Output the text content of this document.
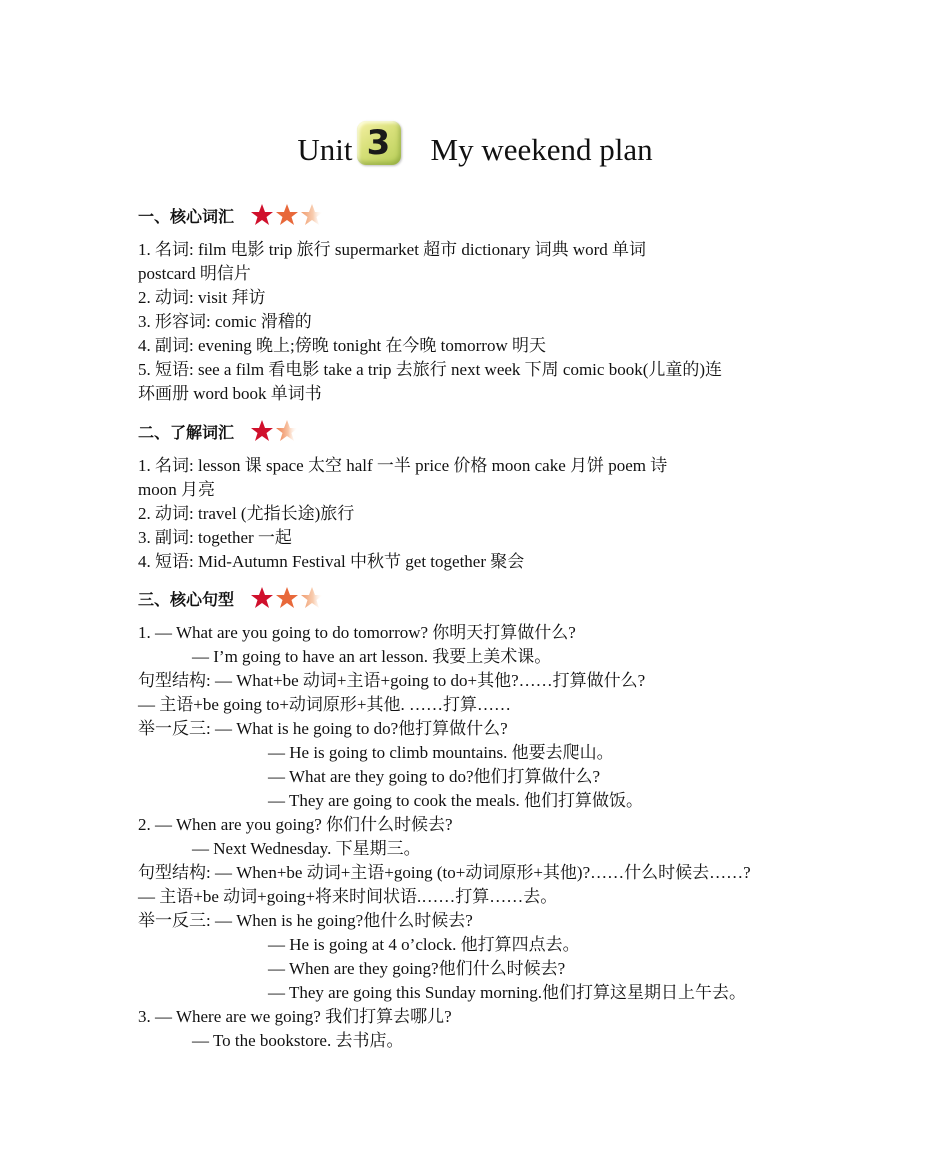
Unit 3 My weekend plan
一、核心词汇
1. 名词: film 电影 trip 旅行 supermarket 超市 dictionary 词典 word 单词
postcard 明信片
2. 动词: visit 拜访
3. 形容词: comic 滑稽的
4. 副词: evening 晚上;傍晚 tonight 在今晚 tomorrow 明天
5. 短语: see a film 看电影 take a trip 去旅行 next week 下周 comic book(儿童的)连
环画册 word book 单词书
二、了解词汇
1. 名词: lesson 课 space 太空 half 一半 price 价格 moon cake 月饼 poem 诗
moon 月亮
2. 动词: travel (尤指长途)旅行
3. 副词: together 一起
4. 短语: Mid-Autumn Festival 中秋节 get together 聚会
三、核心句型
1. — What are you going to do tomorrow? 你明天打算做什么?
— I’m going to have an art lesson. 我要上美术课。
句型结构: — What+be 动词+主语+going to do+其他?……打算做什么?
— 主语+be going to+动词原形+其他. ……打算……
举一反三: — What is he going to do?他打算做什么?
— He is going to climb mountains. 他要去爬山。
— What are they going to do?他们打算做什么?
— They are going to cook the meals. 他们打算做饭。
2. — When are you going? 你们什么时候去?
— Next Wednesday. 下星期三。
句型结构: — When+be 动词+主语+going (to+动词原形+其他)?……什么时候去……?
— 主语+be 动词+going+将来时间状语.……打算……去。
举一反三: — When is he going?他什么时候去?
— He is going at 4 o’clock. 他打算四点去。
— When are they going?他们什么时候去?
— They are going this Sunday morning.他们打算这星期日上午去。
3. — Where are we going? 我们打算去哪儿?
— To the bookstore. 去书店。
